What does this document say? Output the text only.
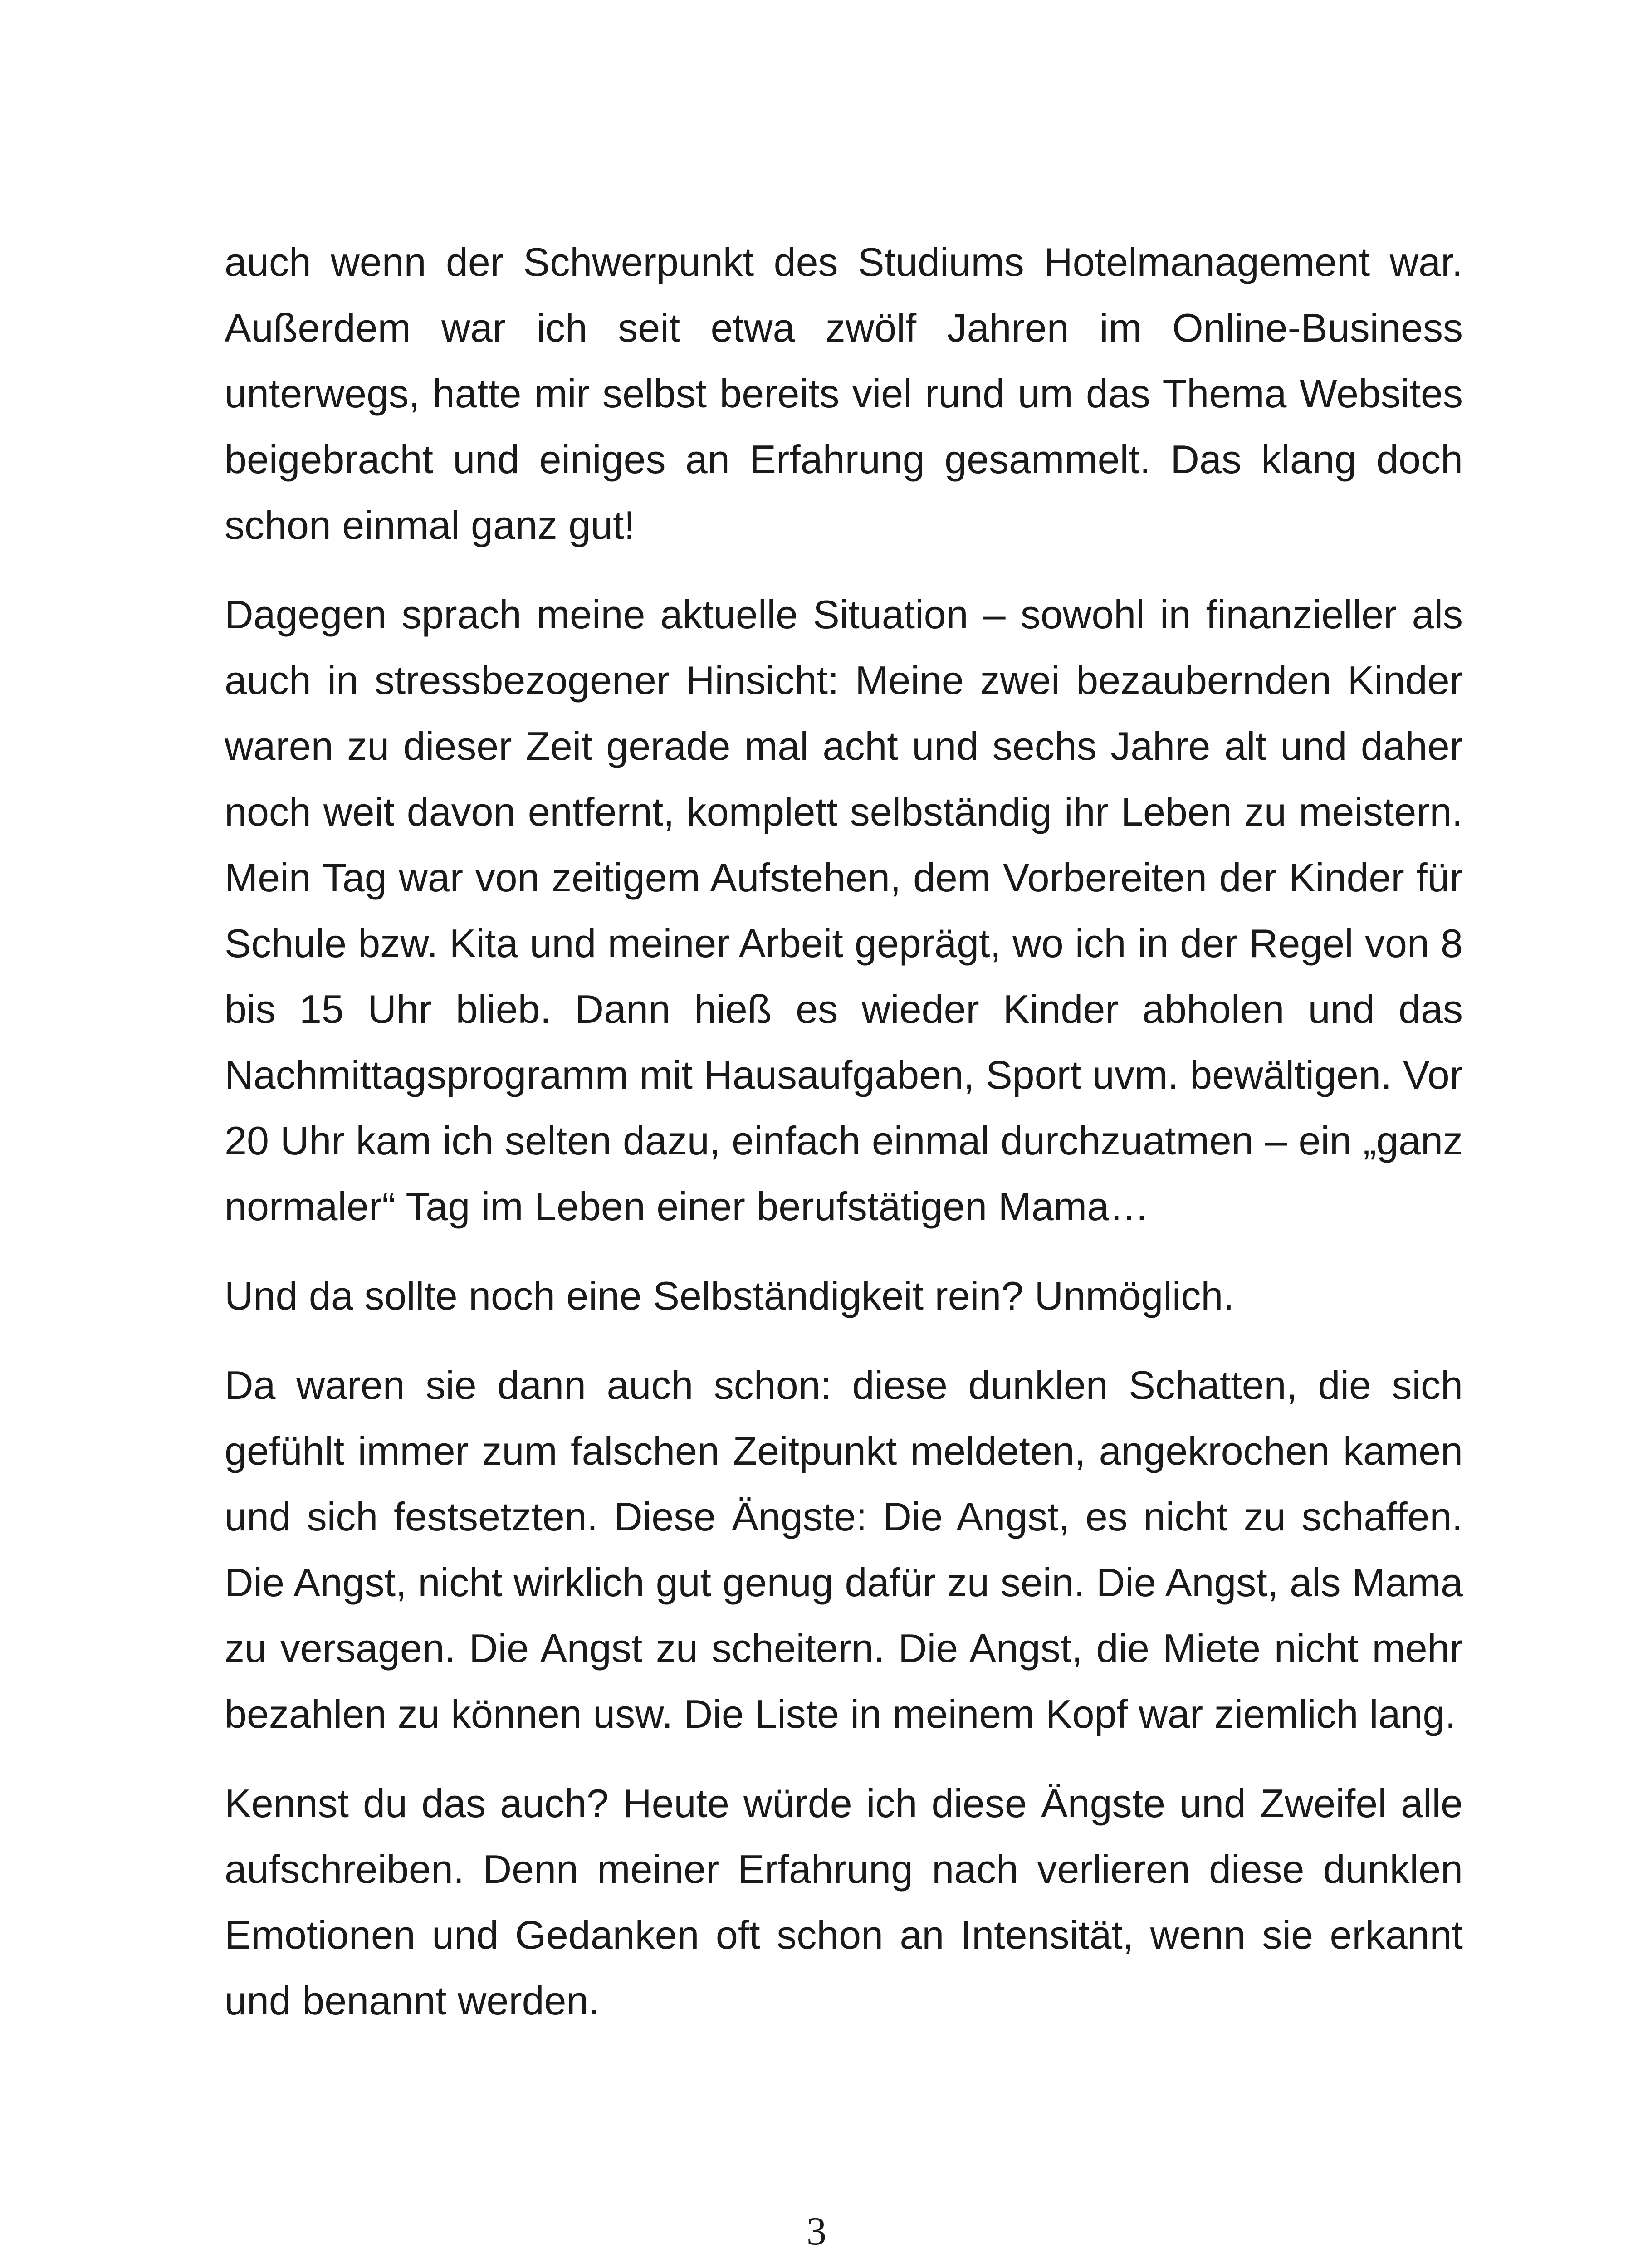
auch wenn der Schwerpunkt des Studiums Hotelmanagement war. Außerdem war ich seit etwa zwölf Jahren im Online-Business unterwegs, hatte mir selbst bereits viel rund um das Thema Websites beigebracht und einiges an Erfahrung gesammelt. Das klang doch schon einmal ganz gut!

Dagegen sprach meine aktuelle Situation – sowohl in finanzieller als auch in stressbezogener Hinsicht: Meine zwei bezaubernden Kinder waren zu dieser Zeit gerade mal acht und sechs Jahre alt und daher noch weit davon entfernt, komplett selbständig ihr Leben zu meistern. Mein Tag war von zeitigem Aufstehen, dem Vorbereiten der Kinder für Schule bzw. Kita und meiner Arbeit geprägt, wo ich in der Regel von 8 bis 15 Uhr blieb. Dann hieß es wieder Kinder abholen und das Nachmittagsprogramm mit Hausaufgaben, Sport uvm. bewältigen. Vor 20 Uhr kam ich selten dazu, einfach einmal durchzuatmen – ein „ganz normaler“ Tag im Leben einer berufstätigen Mama…

Und da sollte noch eine Selbständigkeit rein? Unmöglich.

Da waren sie dann auch schon: diese dunklen Schatten, die sich gefühlt immer zum falschen Zeitpunkt meldeten, angekrochen kamen und sich festsetzten. Diese Ängste: Die Angst, es nicht zu schaffen. Die Angst, nicht wirklich gut genug dafür zu sein. Die Angst, als Mama zu versagen. Die Angst zu scheitern. Die Angst, die Miete nicht mehr bezahlen zu können usw. Die Liste in meinem Kopf war ziemlich lang.

Kennst du das auch? Heute würde ich diese Ängste und Zweifel alle aufschreiben. Denn meiner Erfahrung nach verlieren diese dunklen Emotionen und Gedanken oft schon an Intensität, wenn sie erkannt und benannt werden.

3
